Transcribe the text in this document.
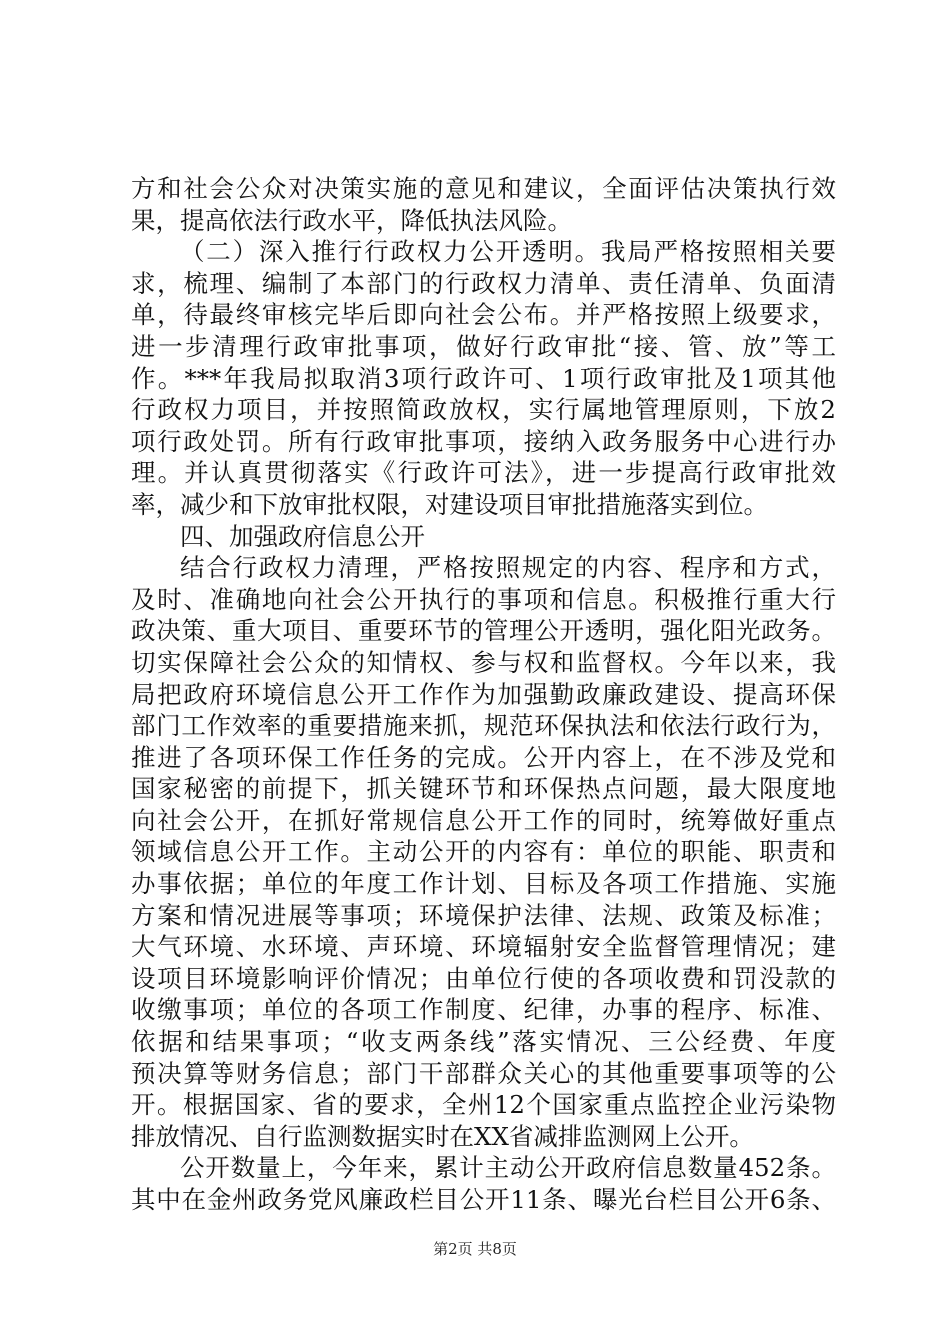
方和社会公众对决策实施的意见和建议，全面评估决策执行效
果，提高依法行政水平，降低执法风险。
（二）深入推行行政权力公开透明。我局严格按照相关要
求，梳理、编制了本部门的行政权力清单、责任清单、负面清
单，待最终审核完毕后即向社会公布。并严格按照上级要求，
进一步清理行政审批事项，做好行政审批“接、管、放”等工
作。***年我局拟取消3项行政许可、1项行政审批及1项其他
行政权力项目，并按照简政放权，实行属地管理原则，下放2
项行政处罚。所有行政审批事项，接纳入政务服务中心进行办
理。并认真贯彻落实《行政许可法》，进一步提高行政审批效
率，减少和下放审批权限，对建设项目审批措施落实到位。
四、加强政府信息公开
结合行政权力清理，严格按照规定的内容、程序和方式，
及时、准确地向社会公开执行的事项和信息。积极推行重大行
政决策、重大项目、重要环节的管理公开透明，强化阳光政务。
切实保障社会公众的知情权、参与权和监督权。今年以来，我
局把政府环境信息公开工作作为加强勤政廉政建设、提高环保
部门工作效率的重要措施来抓，规范环保执法和依法行政行为，
推进了各项环保工作任务的完成。公开内容上，在不涉及党和
国家秘密的前提下，抓关键环节和环保热点问题，最大限度地
向社会公开，在抓好常规信息公开工作的同时，统筹做好重点
领域信息公开工作。主动公开的内容有：单位的职能、职责和
办事依据；单位的年度工作计划、目标及各项工作措施、实施
方案和情况进展等事项；环境保护法律、法规、政策及标准；
大气环境、水环境、声环境、环境辐射安全监督管理情况；建
设项目环境影响评价情况；由单位行使的各项收费和罚没款的
收缴事项；单位的各项工作制度、纪律，办事的程序、标准、
依据和结果事项；“收支两条线”落实情况、三公经费、年度
预决算等财务信息；部门干部群众关心的其他重要事项等的公
开。根据国家、省的要求，全州12个国家重点监控企业污染物
排放情况、自行监测数据实时在XX省减排监测网上公开。
公开数量上，今年来，累计主动公开政府信息数量452条。
其中在金州政务党风廉政栏目公开11条、曝光台栏目公开6条、
第2页 共8页
